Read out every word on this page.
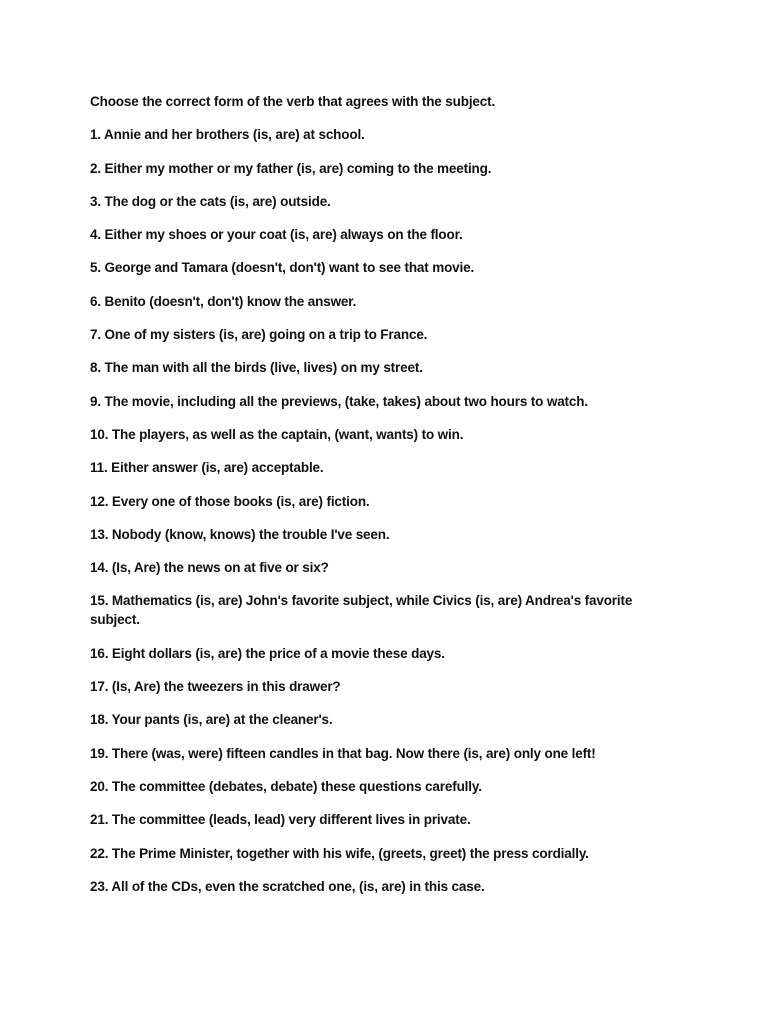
Choose the correct form of the verb that agrees with the subject.
1. Annie and her brothers (is, are) at school.
2. Either my mother or my father (is, are) coming to the meeting.
3. The dog or the cats (is, are) outside.
4. Either my shoes or your coat (is, are) always on the floor.
5. George and Tamara (doesn't, don't) want to see that movie.
6. Benito (doesn't, don't) know the answer.
7. One of my sisters (is, are) going on a trip to France.
8. The man with all the birds (live, lives) on my street.
9. The movie, including all the previews, (take, takes) about two hours to watch.
10. The players, as well as the captain, (want, wants) to win.
11. Either answer (is, are) acceptable.
12. Every one of those books (is, are) fiction.
13. Nobody (know, knows) the trouble I've seen.
14. (Is, Are) the news on at five or six?
15. Mathematics (is, are) John's favorite subject, while Civics (is, are) Andrea's favorite subject.
16. Eight dollars (is, are) the price of a movie these days.
17. (Is, Are) the tweezers in this drawer?
18. Your pants (is, are) at the cleaner's.
19. There (was, were) fifteen candles in that bag. Now there (is, are) only one left!
20. The committee (debates, debate) these questions carefully.
21. The committee (leads, lead) very different lives in private.
22. The Prime Minister, together with his wife, (greets, greet) the press cordially.
23. All of the CDs, even the scratched one, (is, are) in this case.
